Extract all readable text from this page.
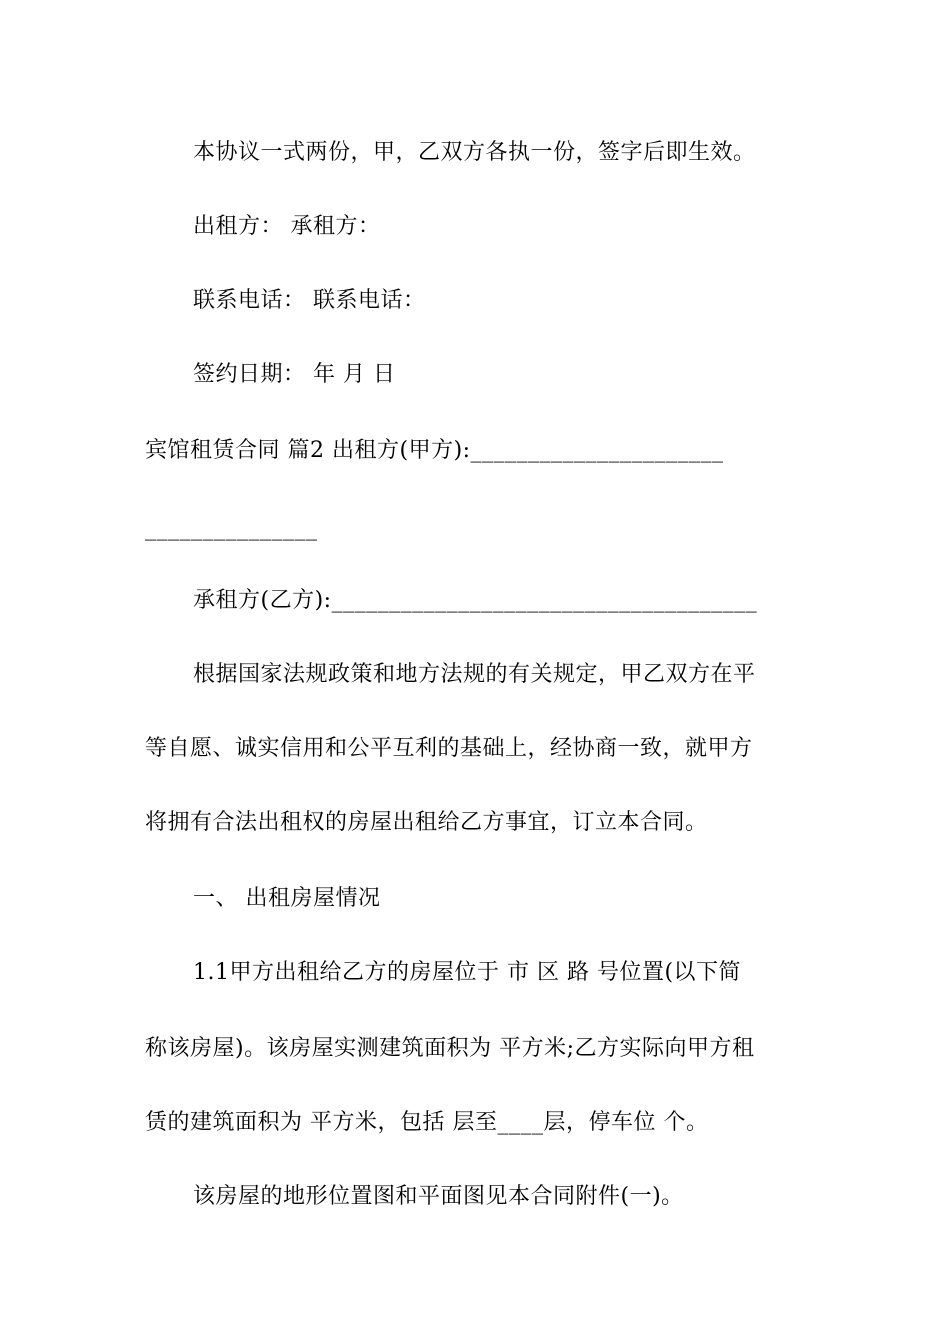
本协议一式两份，甲，乙双方各执一份，签字后即生效。
出租方： 承租方：
联系电话： 联系电话：
签约日期： 年 月 日
宾馆租赁合同 篇2 出租方(甲方):______________________
_______________
承租方(乙方):_____________________________________
根据国家法规政策和地方法规的有关规定，甲乙双方在平
等自愿、诚实信用和公平互利的基础上，经协商一致，就甲方
将拥有合法出租权的房屋出租给乙方事宜，订立本合同。
一、 出租房屋情况
1.1甲方出租给乙方的房屋位于 市 区 路 号位置(以下简
称该房屋)。该房屋实测建筑面积为 平方米;乙方实际向甲方租
赁的建筑面积为 平方米，包括 层至____层，停车位 个。
该房屋的地形位置图和平面图见本合同附件(一)。
